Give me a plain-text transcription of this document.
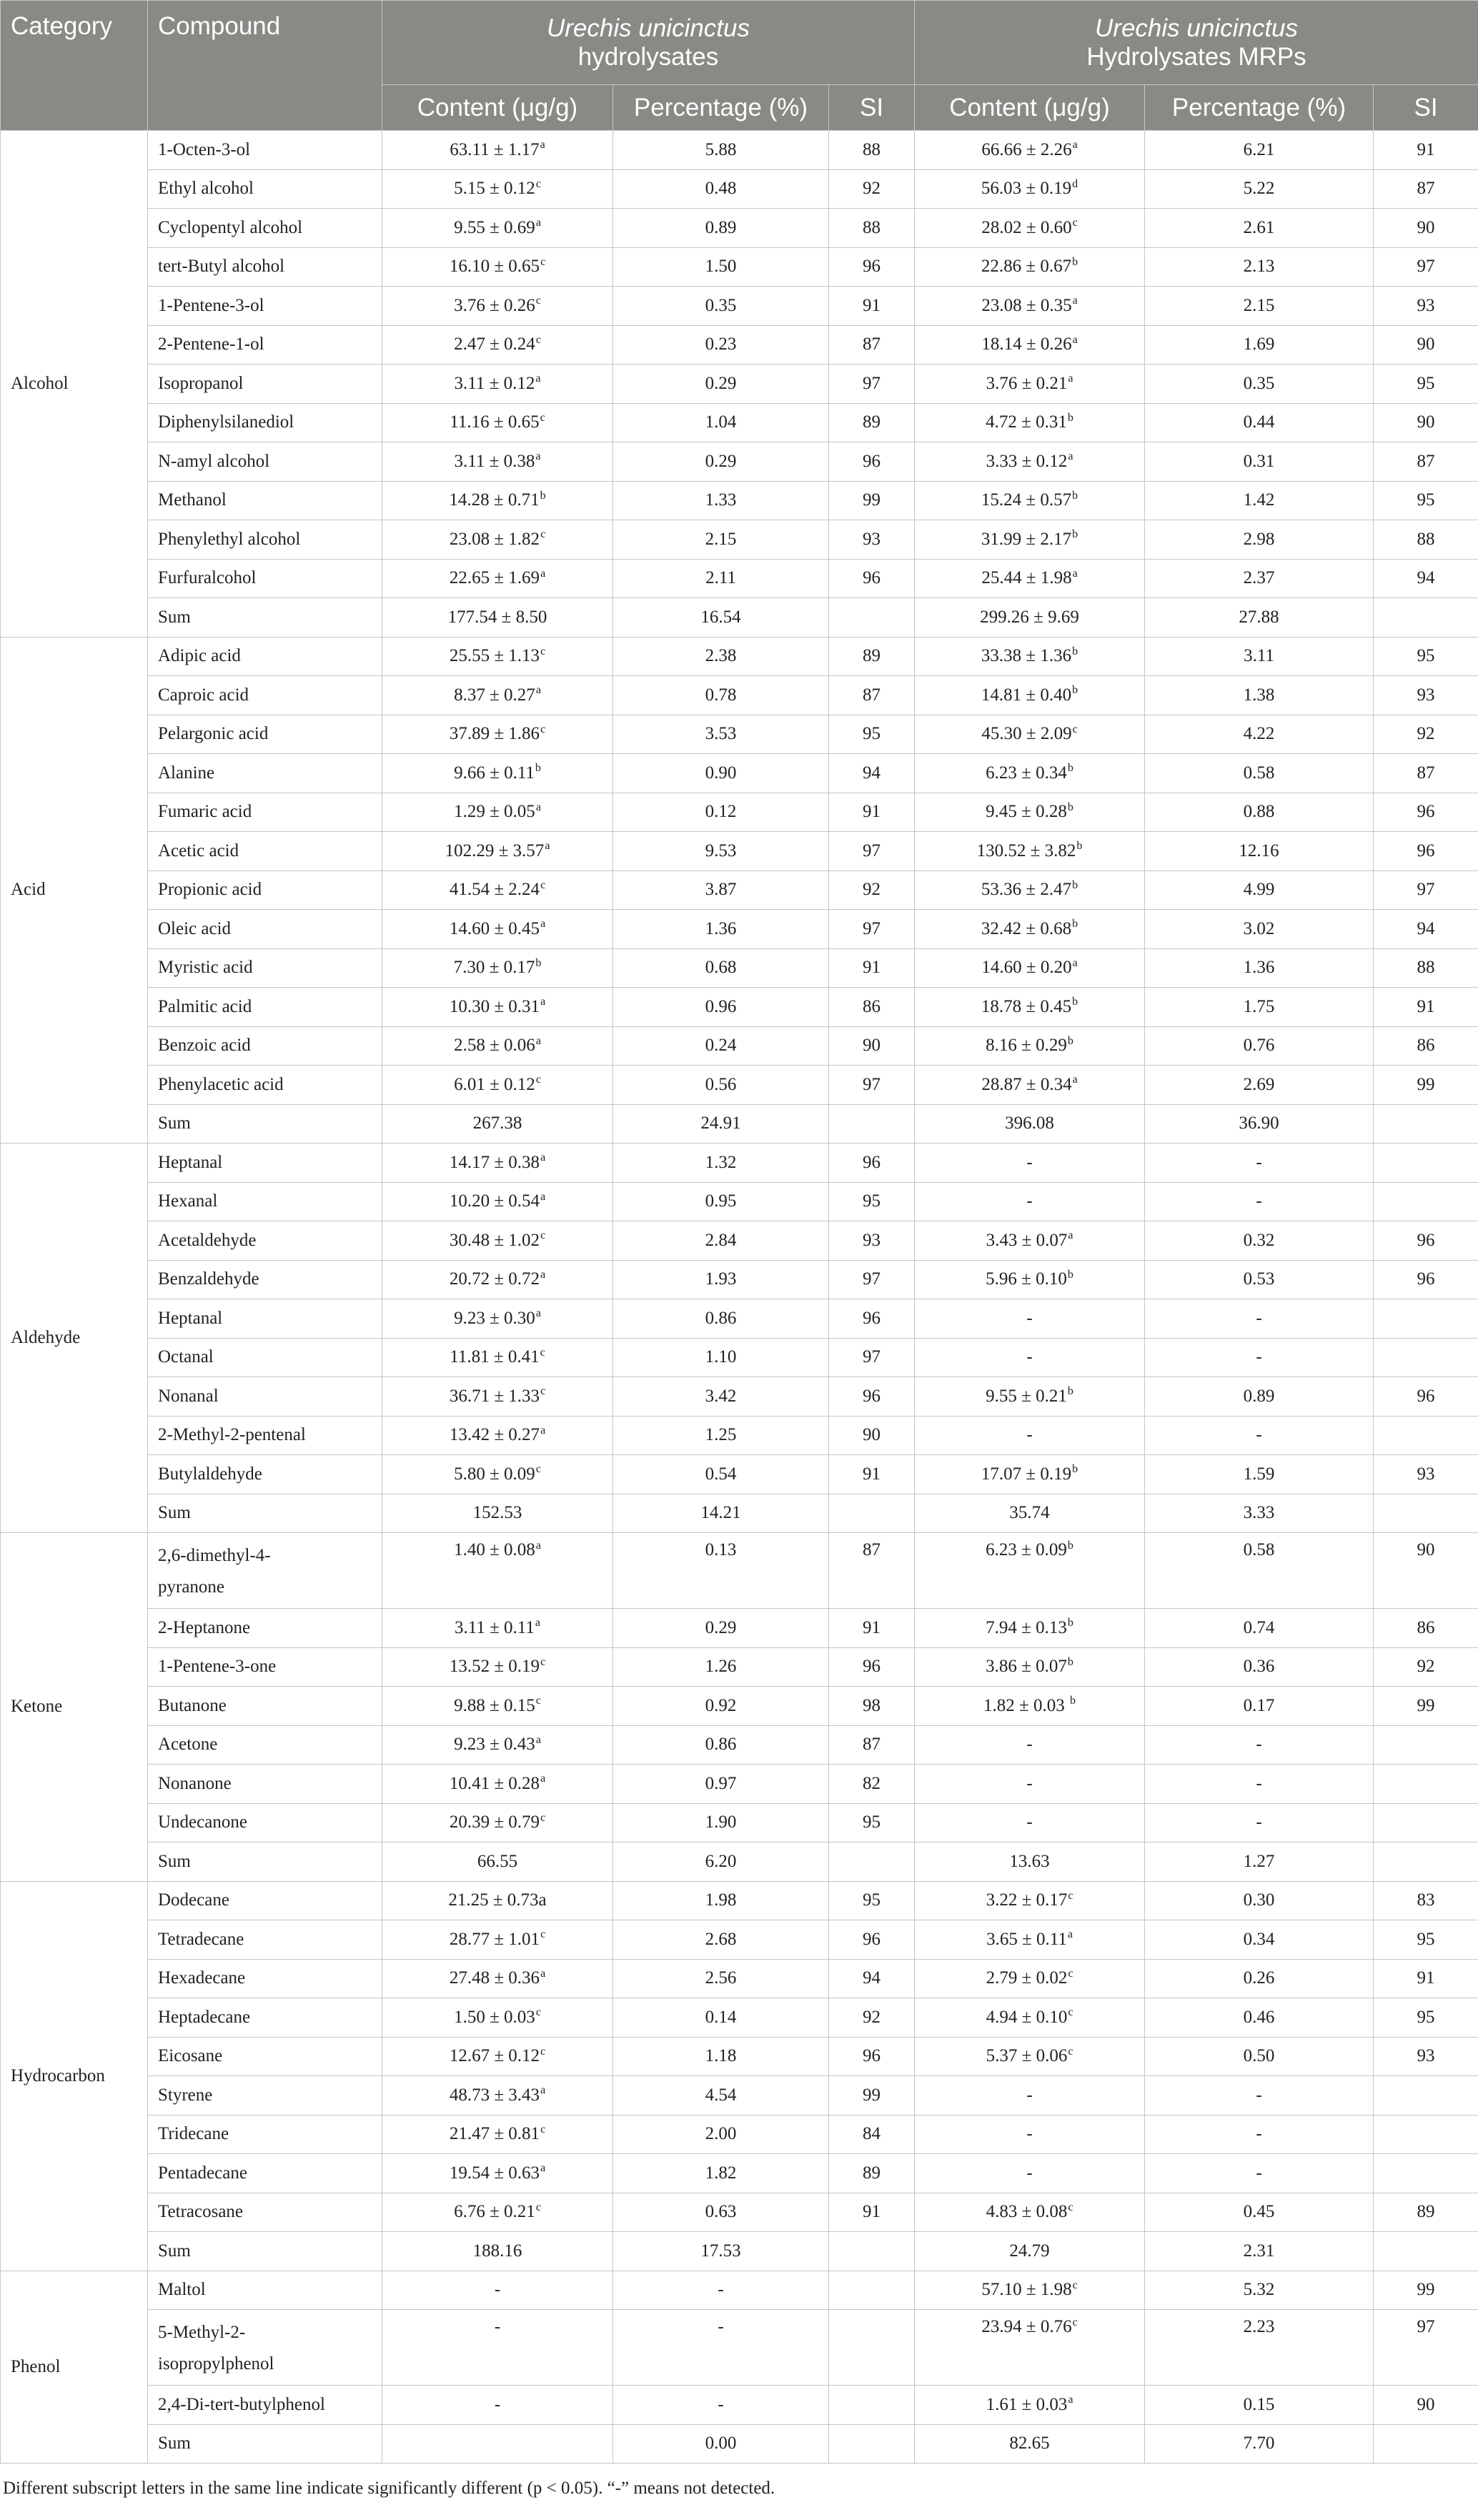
Category	Compound	Urechis unicinctus
hydrolysates			Urechis unicinctus
Hydrolysates MRPs		
		Content (μg/g)	Percentage (%)	SI	Content (μg/g)	Percentage (%)	SI
Alcohol	1-Octen-3-ol	63.11 ± 1.17$^a$	5.88	88	66.66 ± 2.26$^a$	6.21	91
	Ethyl alcohol	5.15 ± 0.12$^c$	0.48	92	56.03 ± 0.19$^d$	5.22	87
	Cyclopentyl alcohol	9.55 ± 0.69$^a$	0.89	88	28.02 ± 0.60$^c$	2.61	90
	tert-Butyl alcohol	16.10 ± 0.65$^c$	1.50	96	22.86 ± 0.67$^b$	2.13	97
	1-Pentene-3-ol	3.76 ± 0.26$^c$	0.35	91	23.08 ± 0.35$^a$	2.15	93
	2-Pentene-1-ol	2.47 ± 0.24$^c$	0.23	87	18.14 ± 0.26$^a$	1.69	90
	Isopropanol	3.11 ± 0.12$^a$	0.29	97	3.76 ± 0.21$^a$	0.35	95
	Diphenylsilanediol	11.16 ± 0.65$^c$	1.04	89	4.72 ± 0.31$^b$	0.44	90
	N-amyl alcohol	3.11 ± 0.38$^a$	0.29	96	3.33 ± 0.12$^a$	0.31	87
	Methanol	14.28 ± 0.71$^b$	1.33	99	15.24 ± 0.57$^b$	1.42	95
	Phenylethyl alcohol	23.08 ± 1.82$^c$	2.15	93	31.99 ± 2.17$^b$	2.98	88
	Furfuralcohol	22.65 ± 1.69$^a$	2.11	96	25.44 ± 1.98$^a$	2.37	94
	Sum	177.54 ± 8.50	16.54		299.26 ± 9.69	27.88	
Acid	Adipic acid	25.55 ± 1.13$^c$	2.38	89	33.38 ± 1.36$^b$	3.11	95
	Caproic acid	8.37 ± 0.27$^a$	0.78	87	14.81 ± 0.40$^b$	1.38	93
	Pelargonic acid	37.89 ± 1.86$^c$	3.53	95	45.30 ± 2.09$^c$	4.22	92
	Alanine	9.66 ± 0.11$^b$	0.90	94	6.23 ± 0.34$^b$	0.58	87
	Fumaric acid	1.29 ± 0.05$^a$	0.12	91	9.45 ± 0.28$^b$	0.88	96
	Acetic acid	102.29 ± 3.57$^a$	9.53	97	130.52 ± 3.82$^b$	12.16	96
	Propionic acid	41.54 ± 2.24$^c$	3.87	92	53.36 ± 2.47$^b$	4.99	97
	Oleic acid	14.60 ± 0.45$^a$	1.36	97	32.42 ± 0.68$^b$	3.02	94
	Myristic acid	7.30 ± 0.17$^b$	0.68	91	14.60 ± 0.20$^a$	1.36	88
	Palmitic acid	10.30 ± 0.31$^a$	0.96	86	18.78 ± 0.45$^b$	1.75	91
	Benzoic acid	2.58 ± 0.06$^a$	0.24	90	8.16 ± 0.29$^b$	0.76	86
	Phenylacetic acid	6.01 ± 0.12$^c$	0.56	97	28.87 ± 0.34$^a$	2.69	99
	Sum	267.38	24.91		396.08	36.90	
Aldehyde	Heptanal	14.17 ± 0.38$^a$	1.32	96	-	-	
	Hexanal	10.20 ± 0.54$^a$	0.95	95	-	-	
	Acetaldehyde	30.48 ± 1.02$^c$	2.84	93	3.43 ± 0.07$^a$	0.32	96
	Benzaldehyde	20.72 ± 0.72$^a$	1.93	97	5.96 ± 0.10$^b$	0.53	96
	Heptanal	9.23 ± 0.30$^a$	0.86	96	-	-	
	Octanal	11.81 ± 0.41$^c$	1.10	97	-	-	
	Nonanal	36.71 ± 1.33$^c$	3.42	96	9.55 ± 0.21$^b$	0.89	96
	2-Methyl-2-pentenal	13.42 ± 0.27$^a$	1.25	90	-	-	
	Butylaldehyde	5.80 ± 0.09$^c$	0.54	91	17.07 ± 0.19$^b$	1.59	93
	Sum	152.53	14.21		35.74	3.33	
Ketone	2,6-dimethyl-4-
pyranone	1.40 ± 0.08$^a$	0.13	87	6.23 ± 0.09$^b$	0.58	90
	2-Heptanone	3.11 ± 0.11$^a$	0.29	91	7.94 ± 0.13$^b$	0.74	86
	1-Pentene-3-one	13.52 ± 0.19$^c$	1.26	96	3.86 ± 0.07$^b$	0.36	92
	Butanone	9.88 ± 0.15$^c$	0.92	98	1.82 ± 0.03 $^b$	0.17	99
	Acetone	9.23 ± 0.43$^a$	0.86	87	-	-	
	Nonanone	10.41 ± 0.28$^a$	0.97	82	-	-	
	Undecanone	20.39 ± 0.79$^c$	1.90	95	-	-	
	Sum	66.55	6.20		13.63	1.27	
Hydrocarbon	Dodecane	21.25 ± 0.73a	1.98	95	3.22 ± 0.17$^c$	0.30	83
	Tetradecane	28.77 ± 1.01$^c$	2.68	96	3.65 ± 0.11$^a$	0.34	95
	Hexadecane	27.48 ± 0.36$^a$	2.56	94	2.79 ± 0.02$^c$	0.26	91
	Heptadecane	1.50 ± 0.03$^c$	0.14	92	4.94 ± 0.10$^c$	0.46	95
	Eicosane	12.67 ± 0.12$^c$	1.18	96	5.37 ± 0.06$^c$	0.50	93
	Styrene	48.73 ± 3.43$^a$	4.54	99	-	-	
	Tridecane	21.47 ± 0.81$^c$	2.00	84	-	-	
	Pentadecane	19.54 ± 0.63$^a$	1.82	89	-	-	
	Tetracosane	6.76 ± 0.21$^c$	0.63	91	4.83 ± 0.08$^c$	0.45	89
	Sum	188.16	17.53		24.79	2.31	
Phenol	Maltol	-	-		57.10 ± 1.98$^c$	5.32	99
	5-Methyl-2-
isopropylphenol	-	-		23.94 ± 0.76$^c$	2.23	97
	2,4-Di-tert-butylphenol	-	-		1.61 ± 0.03$^a$	0.15	90
	Sum		0.00		82.65	7.70	
Different subscript letters in the same line indicate significantly different (p < 0.05). “-” means not detected.
